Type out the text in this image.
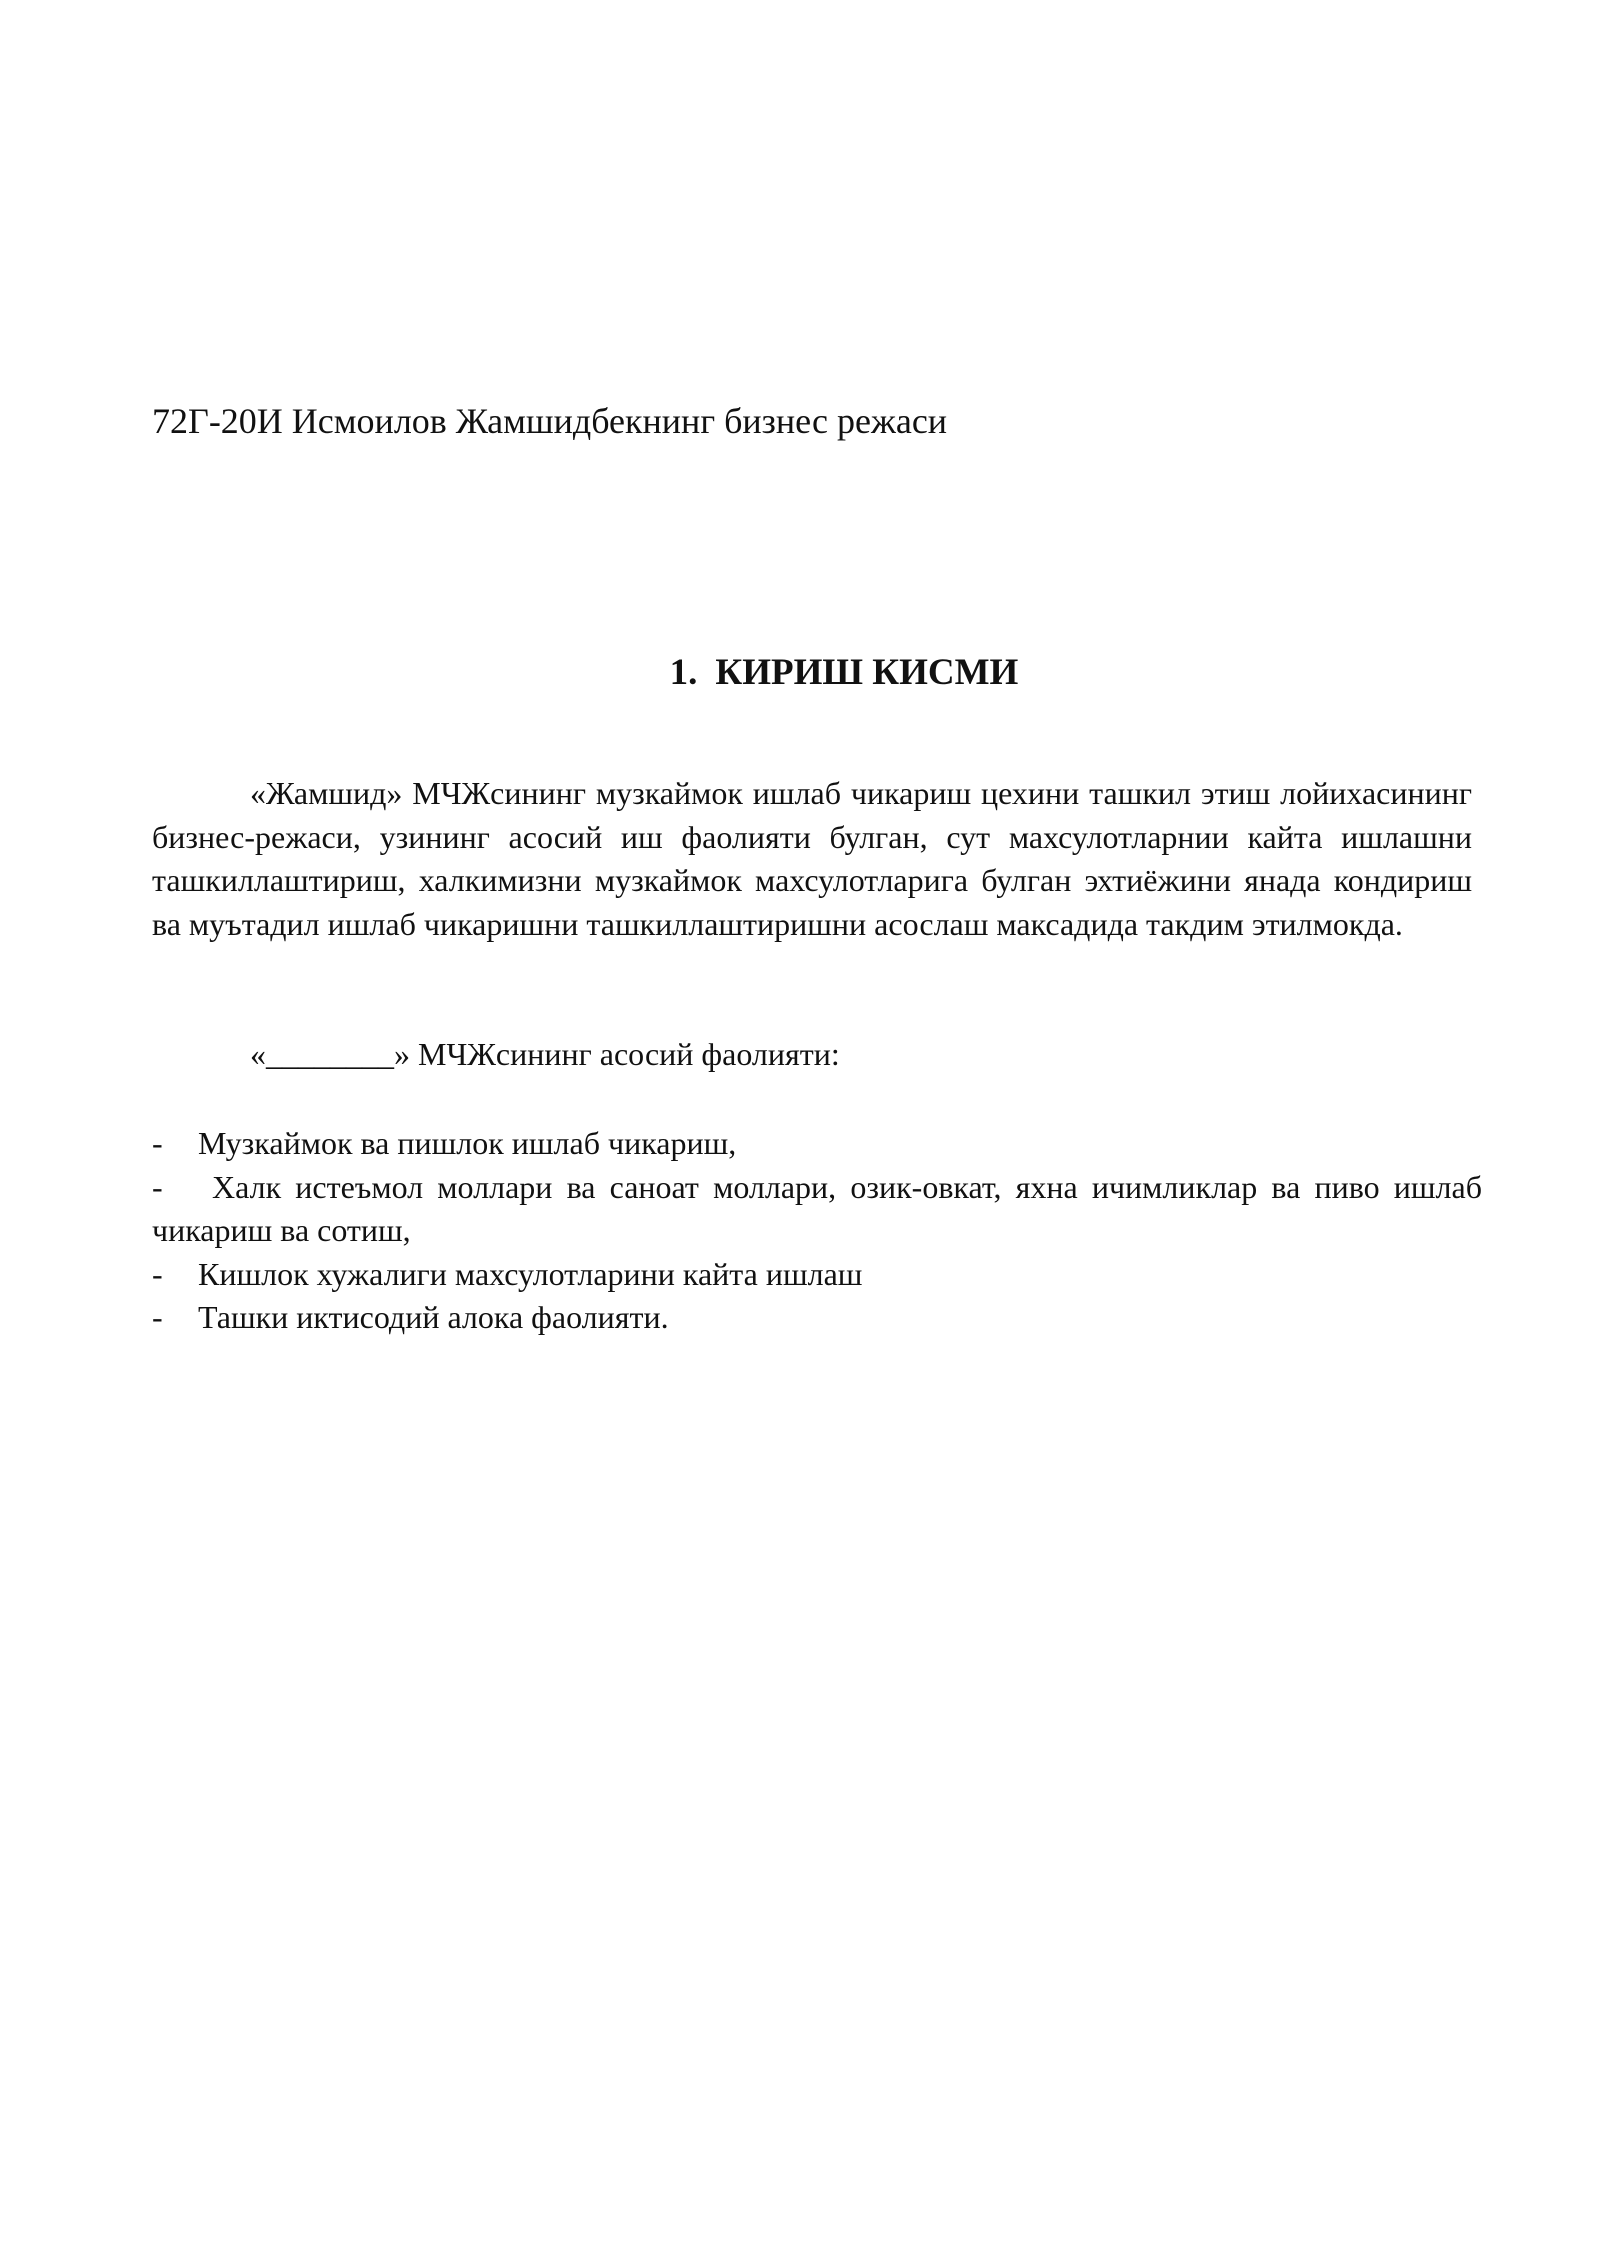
72Г-20И Исмоилов Жамшидбекнинг бизнес режаси
1. КИРИШ КИСМИ

«Жамшид» МЧЖсининг музкаймок ишлаб чикариш цехини ташкил этиш лойихасининг бизнес-режаси, узининг асосий иш фаолияти булган, сут махсулотларнии кайта ишлашни ташкиллаштириш, халкимизни музкаймок махсулотларига булган эхтиёжини янада кондириш ва муътадил ишлаб чикаришни ташкиллаштиришни асослаш максадида такдим этилмокда.

«________» МЧЖсининг асосий фаолияти:
- Музкаймок ва пишлок ишлаб чикариш,
- Халк истеъмол моллари ва саноат моллари, озик-овкат, яхна ичимликлар ва пиво ишлаб чикариш ва сотиш,
- Кишлок хужалиги махсулотларини кайта ишлаш
- Ташки иктисодий алока фаолияти.
